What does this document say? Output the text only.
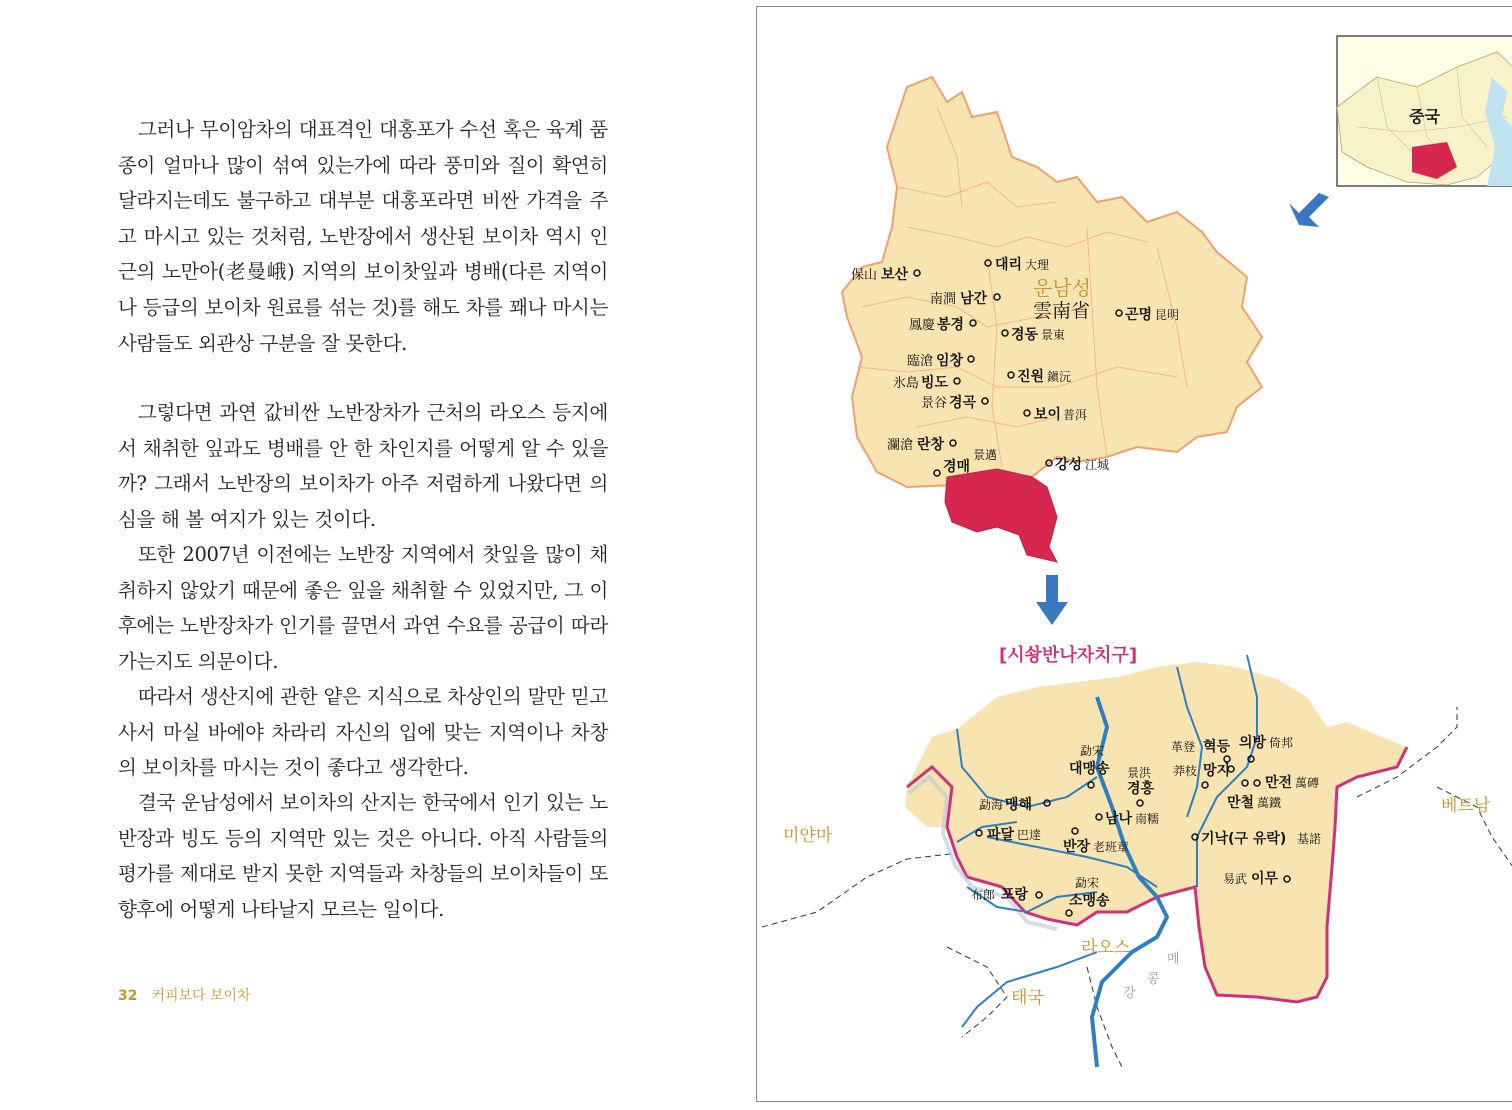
그러나 무이암차의 대표격인 대홍포가 수선 혹은 육계 품종이 얼마나 많이 섞여 있는가에 따라 풍미와 질이 확연히 달라지는데도 불구하고 대부분 대홍포라면 비싼 가격을 주고 마시고 있는 것처럼, 노반장에서 생산된 보이차 역시 인근의 노만아(老曼峨) 지역의 보이찻잎과 병배(다른 지역이나 등급의 보이차 원료를 섞는 것)를 해도 차를 꽤나 마시는 사람들도 외관상 구분을 잘 못한다.

그렇다면 과연 값비싼 노반장차가 근처의 라오스 등지에서 채취한 잎과도 병배를 안 한 차인지를 어떻게 알 수 있을까? 그래서 노반장의 보이차가 아주 저렴하게 나왔다면 의심을 해 볼 여지가 있는 것이다.

또한 2007년 이전에는 노반장 지역에서 찻잎을 많이 채취하지 않았기 때문에 좋은 잎을 채취할 수 있었지만, 그 이후에는 노반장차가 인기를 끌면서 과연 수요를 공급이 따라가는지도 의문이다.

따라서 생산지에 관한 얕은 지식으로 차상인의 말만 믿고 사서 마실 바에야 차라리 자신의 입에 맞는 지역이나 차창의 보이차를 마시는 것이 좋다고 생각한다.

결국 운남성에서 보이차의 산지는 한국에서 인기 있는 노반장과 빙도 등의 지역만 있는 것은 아니다. 아직 사람들의 평가를 제대로 받지 못한 지역들과 차창들의 보이차들이 또 향후에 어떻게 나타날지 모르는 일이다.

32 커피보다 보이차
중국
운남성
雲南省
保山 보산
대리 大理
南澗 남간
곤명 昆明
鳳慶 봉경
경동 景東
臨滄 임창
氷島 빙도	진원 鎭沅
景谷 경곡
보이 普洱
瀾滄 란창
경매
景邁
강성 江城
[시솽반나자치구]
勐宋
대맹송 景洪
경홍
革登 혁등 의방 倚邦
莽枝 망지
만전 萬磚
만철 萬鐵
勐海 맹해
남나 南糯
파달 巴達
반장 老班章	기낙(구 유락) 基諾
易武 이무
布郎 포랑
勐宋
소맹송
미얀마
베트남
라오스
태국
메
콩
강
